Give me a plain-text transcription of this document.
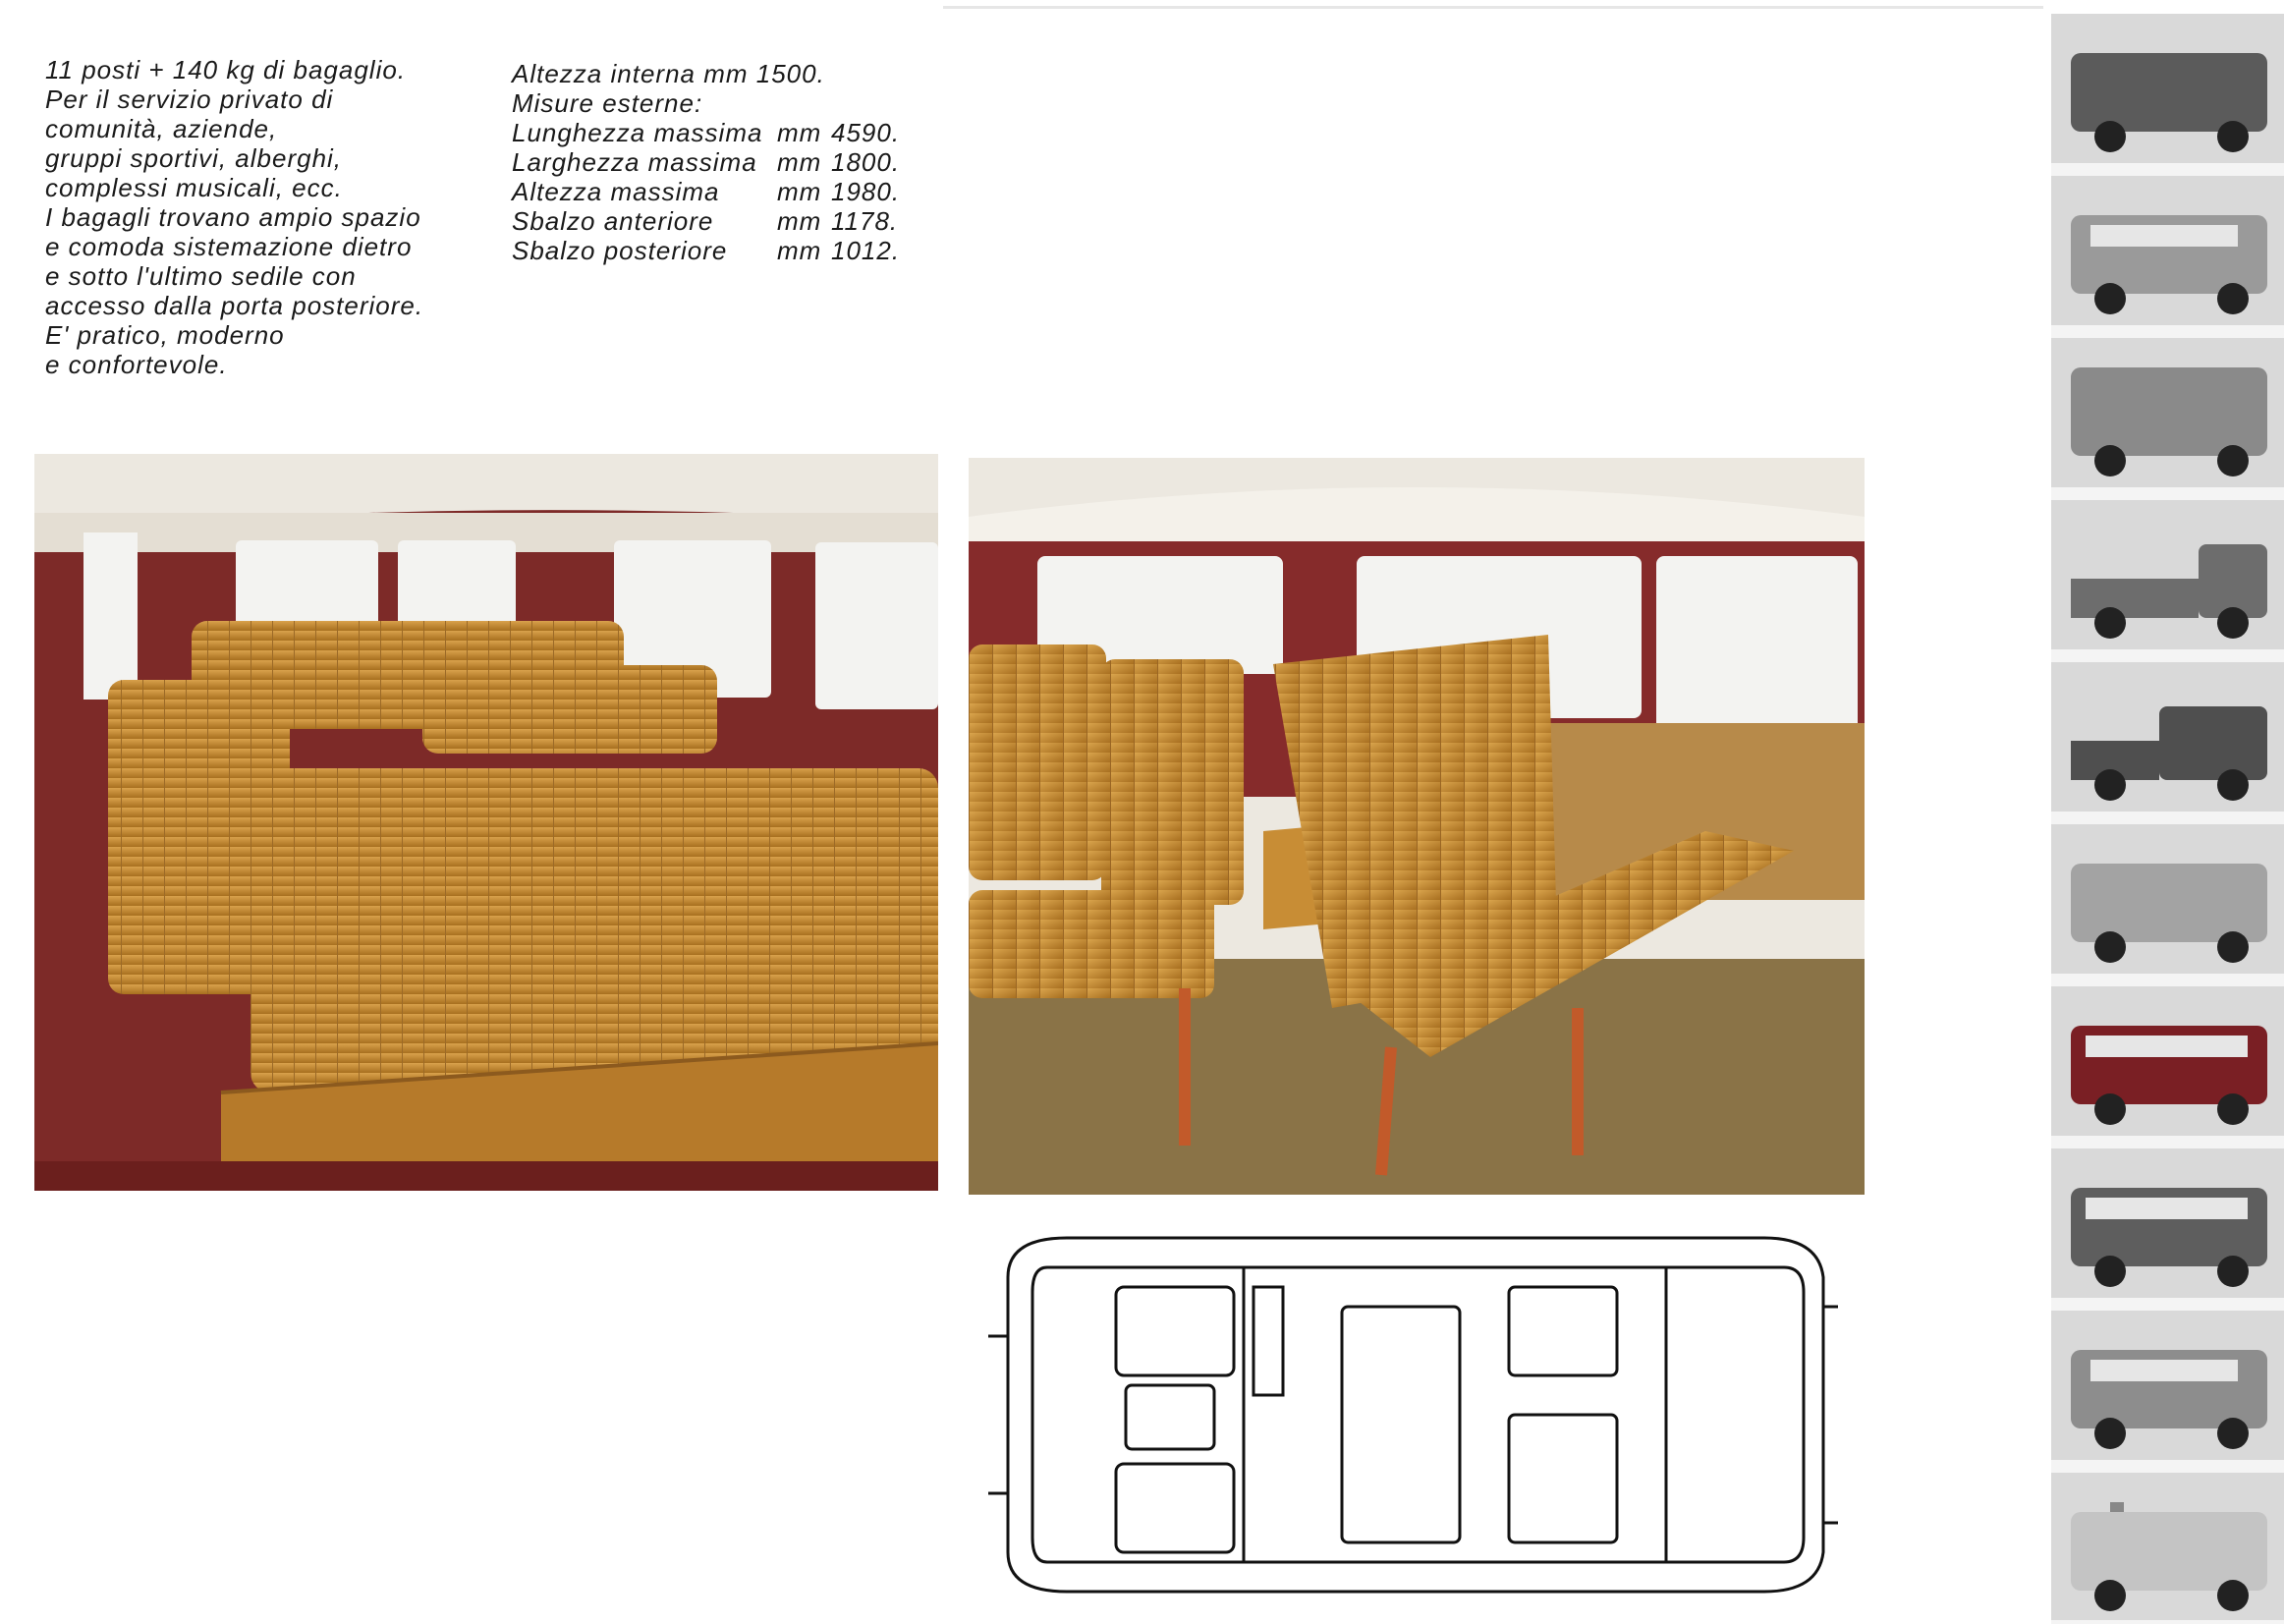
11 posti + 140 kg di bagaglio.
Per il servizio privato di
comunità, aziende,
gruppi sportivi, alberghi,
complessi musicali, ecc.
I bagagli trovano ampio spazio
e comoda sistemazione dietro
e sotto l'ultimo sedile con
accesso dalla porta posteriore.
E' pratico, moderno
e confortevole.
Altezza interna mm 1500.
Misure esterne:
Lunghezza massima mm 4590.
Larghezza massima mm 1800.
Altezza massima	mm 1980.
Sbalzo anteriore	mm 1178.
Sbalzo posteriore	mm 1012.
